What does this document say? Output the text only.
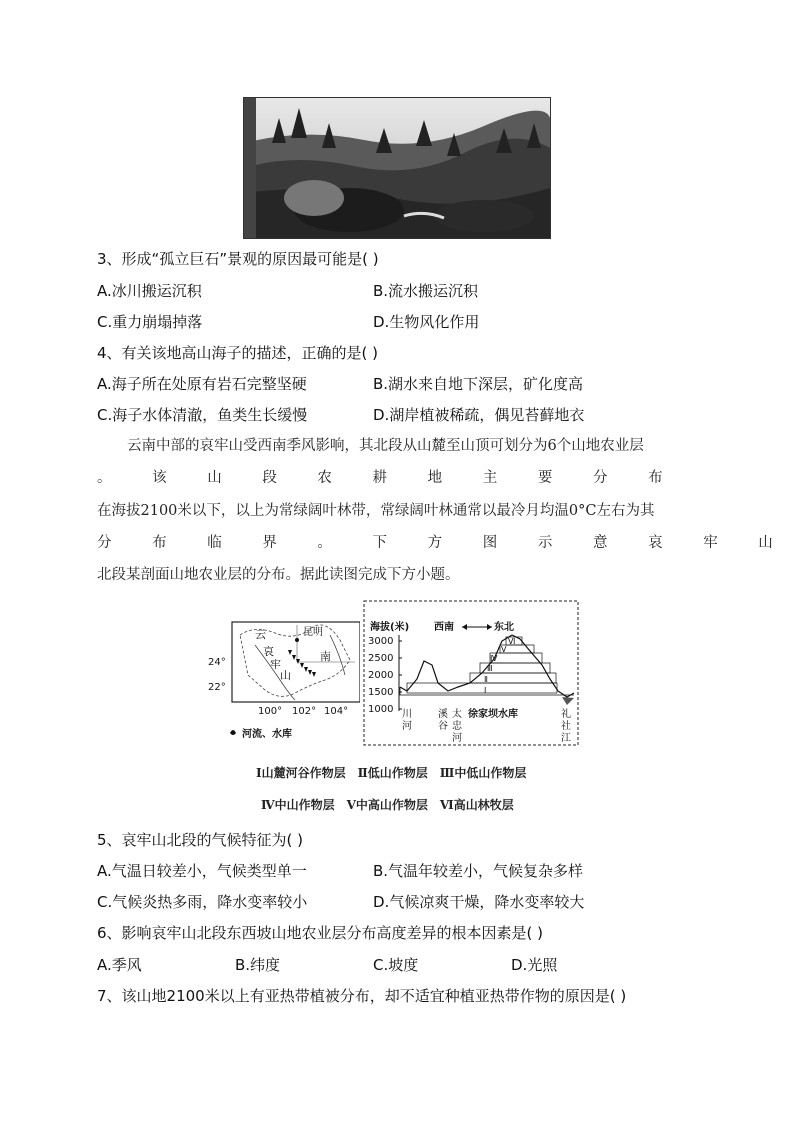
3、形成“孤立巨石”景观的原因最可能是( )
A.冰川搬运沉积	B.流水搬运沉积
C.重力崩塌掉落	D.生物风化作用
4、有关该地高山海子的描述，正确的是( )
A.海子所在处原有岩石完整坚硬	B.湖水来自地下深层，矿化度高
C.海子水体清澈，鱼类生长缓慢	D.湖岸植被稀疏，偶见苔藓地衣
云南中部的哀牢山受西南季风影响，其北段从山麓至山顶可划分为6个山地农业层
。 该 山 段 农 耕 地 主 要 分 布
在海拔2100米以下，以上为常绿阔叶林带，常绿阔叶林通常以最冷月均温0°C左右为其
分 布 临 界 。 下 方 图 示 意 哀 牢 山
北段某剖面山地农业层的分布。据此读图完成下方小题。
云
南
哀
牢
山
昆明
24°
22°
100° 102° 104°
河流、水库
海拔(米)
3000
2500
2000
1500
1000
西南	东北
Ⅰ
Ⅱ
Ⅲ
Ⅳ
Ⅴ
Ⅵ
川河
溪谷
太忠河
徐家坝水库	礼社江
Ⅰ山麓河谷作物层　Ⅱ低山作物层　Ⅲ中低山作物层
Ⅳ中山作物层　Ⅴ中高山作物层　Ⅵ高山林牧层
5、哀牢山北段的气候特征为( )
A.气温日较差小，气候类型单一	B.气温年较差小，气候复杂多样
C.气候炎热多雨，降水变率较小	D.气候凉爽干燥，降水变率较大
6、影响哀牢山北段东西坡山地农业层分布高度差异的根本因素是( )
A.季风	B.纬度	C.坡度	D.光照
7、该山地2100米以上有亚热带植被分布，却不适宜种植亚热带作物的原因是( )
